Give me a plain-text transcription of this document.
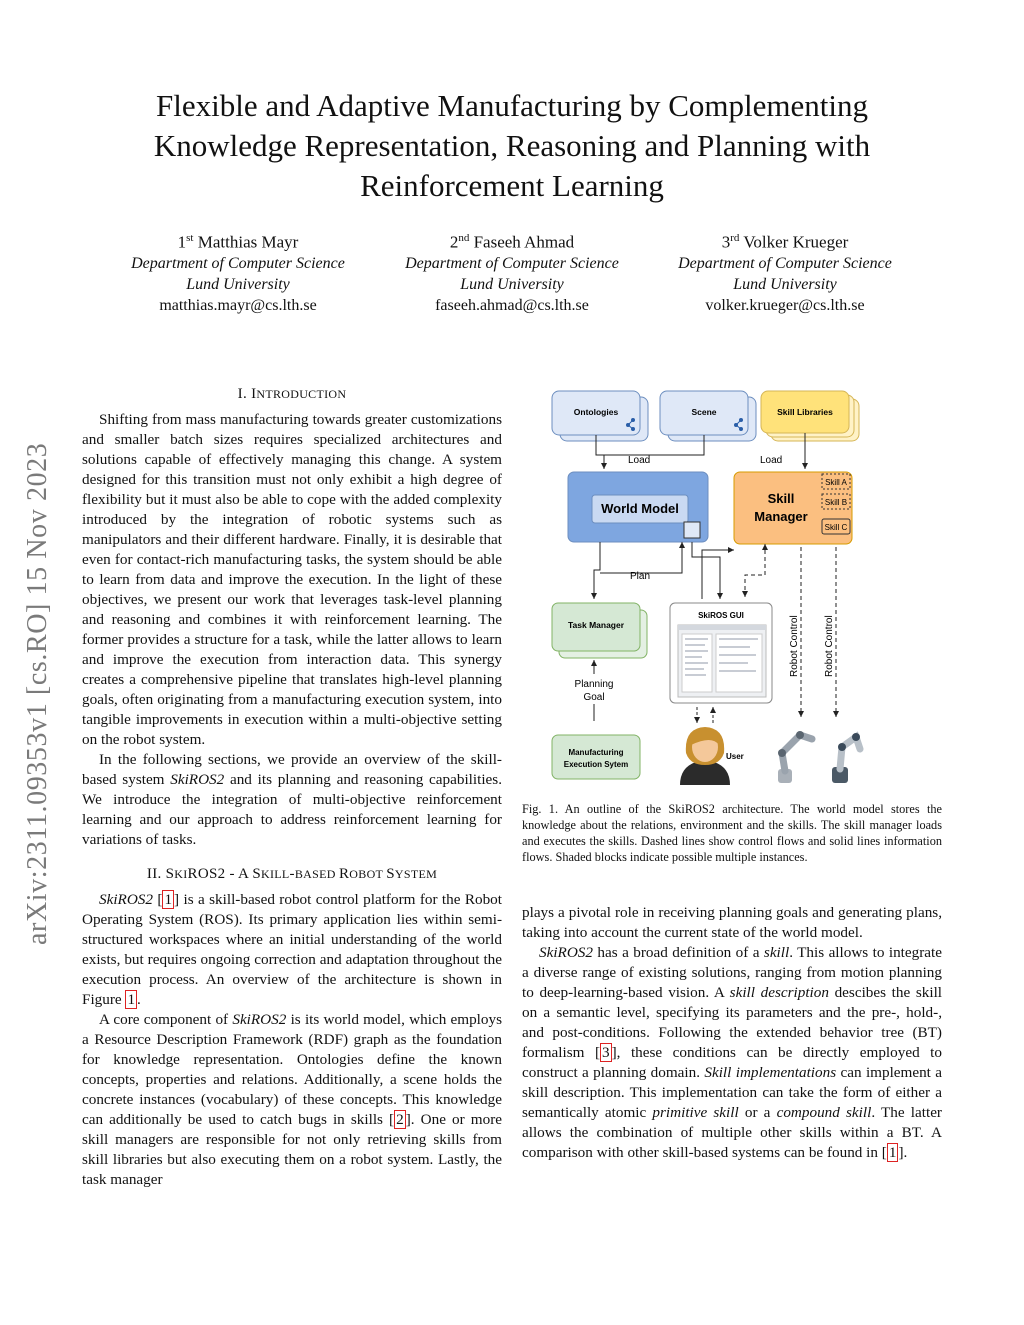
Flexible and Adaptive Manufacturing by Complementing
Knowledge Representation, Reasoning and Planning with
Reinforcement Learning
1st Matthias Mayr
Department of Computer Science
Lund University
matthias.mayr@cs.lth.se
2nd Faseeh Ahmad
Department of Computer Science
Lund University
faseeh.ahmad@cs.lth.se
3rd Volker Krueger
Department of Computer Science
Lund University
volker.krueger@cs.lth.se
arXiv:2311.09353v1 [cs.RO] 15 Nov 2023
I. INTRODUCTION

Shifting from mass manufacturing towards greater customizations and smaller batch sizes requires specialized architectures and solutions capable of effectively managing this change. A system designed for this transition must not only exhibit a high degree of flexibility but it must also be able to cope with the added complexity introduced by the integration of robotic systems such as manipulators and their different hardware. Finally, it is desirable that even for contact-rich manufacturing tasks, the system should be able to learn from data and improve the execution. In the light of these objectives, we present our work that leverages task-level planning and reasoning and combines it with reinforcement learning. The former provides a structure for a task, while the latter allows to learn and improve the execution from interaction data. This synergy creates a comprehensive pipeline that translates high-level planning goals, often originating from a manufacturing execution system, into tangible improvements in execution within a multi-objective setting on the robot system.

In the following sections, we provide an overview of the skill-based system SkiROS2 and its planning and reasoning capabilities. We introduce the integration of multi-objective reinforcement learning and our approach to address reinforcement learning for variations of tasks.

II. SKIROS2 - A SKILL-BASED ROBOT SYSTEM

SkiROS2 [ 1 ] is a skill-based robot control platform for the Robot Operating System (ROS). Its primary application lies within semi-structured workspaces where an initial understanding of the world exists, but requires ongoing correction and adaptation throughout the execution process. An overview of the architecture is shown in Figure 1 .

A core component of SkiROS2 is its world model, which employs a Resource Description Framework (RDF) graph as the foundation for knowledge representation. Ontologies define the known concepts, properties and relations. Additionally, a scene holds the concrete instances (vocabulary) of these concepts. This knowledge can additionally be used to catch bugs in skills [ 2 ]. One or more skill managers are responsible for not only retrieving skills from skill libraries but also executing them on a robot system. Lastly, the task manager

Ontologies	Scene	Skill Libraries
Load	Load
World Model
Skill
Manager
Skill A
Skill B
Skill C
Plan
Robot Control Robot Control
Task Manager
SkiROS GUI
Planning
Goal
Manufacturing
Execution Sytem
User
Fig. 1. An outline of the SkiROS2 architecture. The world model stores the knowledge about the relations, environment and the skills. The skill manager loads and executes the skills. Dashed lines show control flows and solid lines information flows. Shaded blocks indicate possible multiple instances.

plays a pivotal role in receiving planning goals and generating plans, taking into account the current state of the world model.

SkiROS2 has a broad definition of a skill. This allows to integrate a diverse range of existing solutions, ranging from motion planning to deep-learning-based vision. A skill description descibes the skill on a semantic level, specifying its parameters and the pre-, hold-, and post-conditions. Following the extended behavior tree (BT) formalism [ 3 ], these conditions can be directly employed to construct a planning domain. Skill implementations can implement a skill description. This implementation can take the form of either a semantically atomic primitive skill or a compound skill. The latter allows the combination of multiple other skills within a BT. A comparison with other skill-based systems can be found in [ 1 ].
